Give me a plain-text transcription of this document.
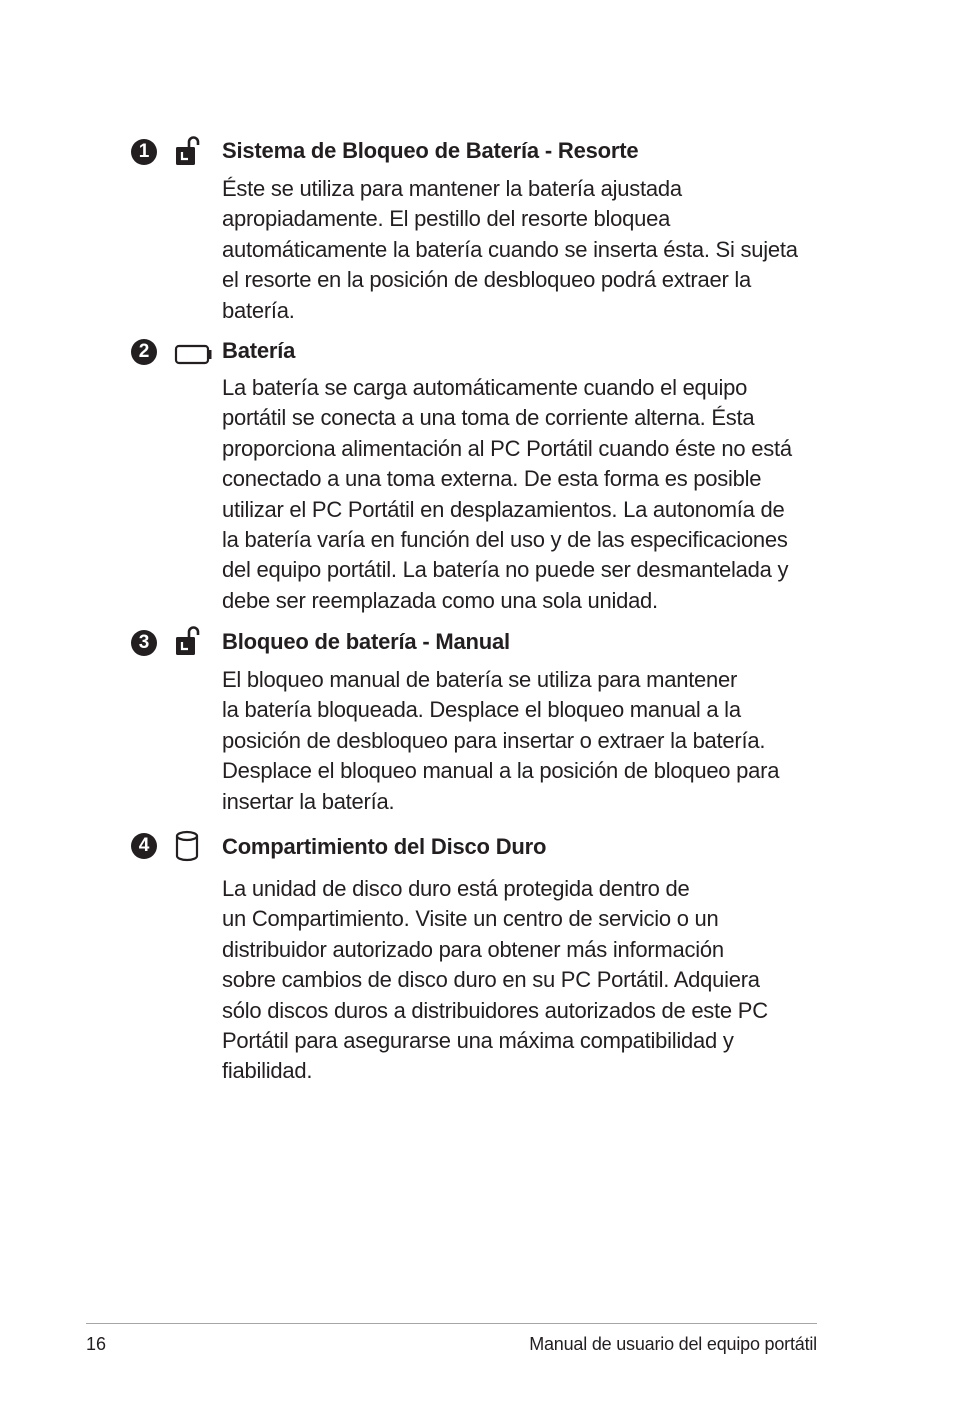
1	Sistema de Bloqueo de Batería - Resorte
Éste se utiliza para mantener la batería ajustada
apropiadamente. El pestillo del resorte bloquea
automáticamente la batería cuando se inserta ésta. Si sujeta
el resorte en la posición de desbloqueo podrá extraer la
batería.
2	Batería
La batería se carga automáticamente cuando el equipo
portátil se conecta a una toma de corriente alterna. Ésta
proporciona alimentación al PC Portátil cuando éste no está
conectado a una toma externa. De esta forma es posible
utilizar el PC Portátil en desplazamientos. La autonomía de
la batería varía en función del uso y de las especificaciones
del equipo portátil. La batería no puede ser desmantelada y
debe ser reemplazada como una sola unidad.
3	Bloqueo de batería - Manual
El bloqueo manual de batería se utiliza para mantener
la batería bloqueada. Desplace el bloqueo manual a la
posición de desbloqueo para insertar o extraer la batería.
Desplace el bloqueo manual a la posición de bloqueo para
insertar la batería.
4	Compartimiento del Disco Duro
La unidad de disco duro está protegida dentro de
un Compartimiento. Visite un centro de servicio o un
distribuidor autorizado para obtener más información
sobre cambios de disco duro en su PC Portátil. Adquiera
sólo discos duros a distribuidores autorizados de este PC
Portátil para asegurarse una máxima compatibilidad y
fiabilidad.
16	Manual de usuario del equipo portátil
